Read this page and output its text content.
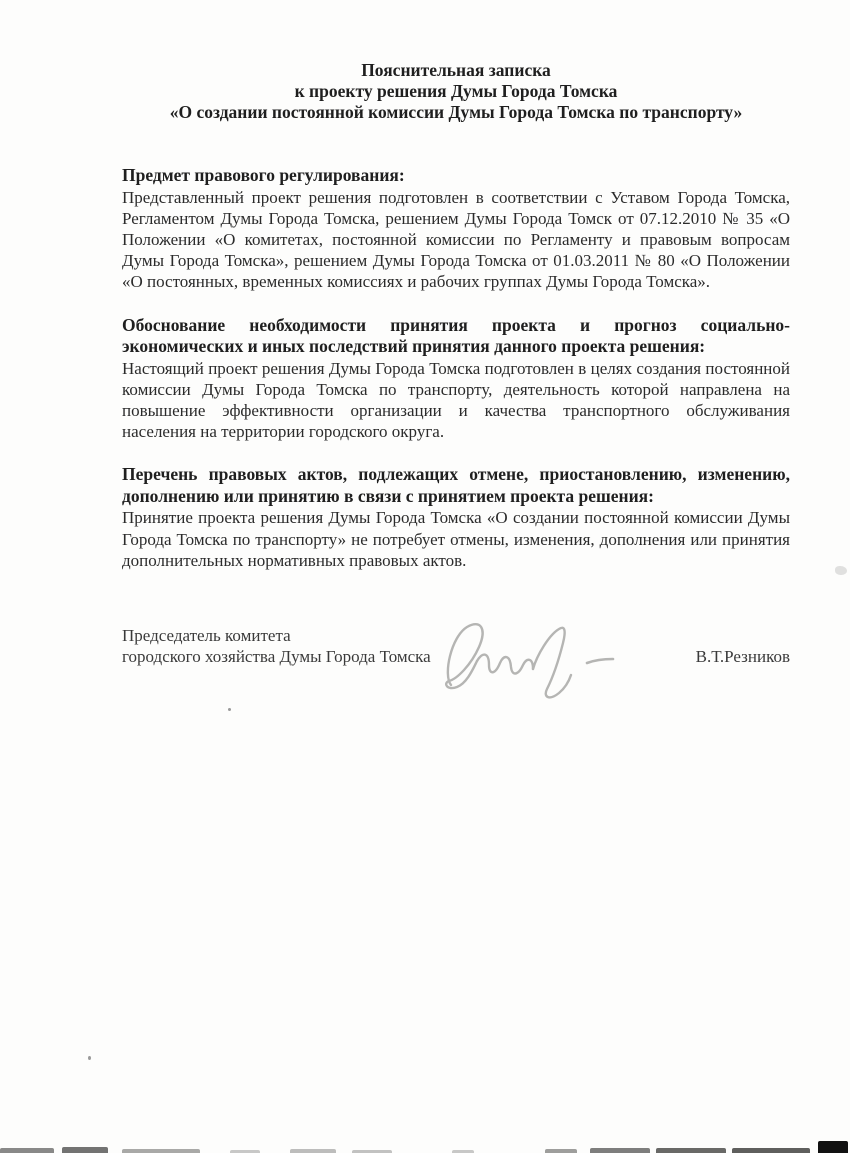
Пояснительная записка
к проекту решения Думы Города Томска
«О создании постоянной комиссии Думы Города Томска по транспорту»
Предмет правового регулирования:

Представленный проект решения подготовлен в соответствии с Уставом Города Томска, Регламентом Думы Города Томска, решением Думы Города Томск от 07.12.2010 № 35 «О Положении «О комитетах, постоянной комиссии по Регламенту и правовым вопросам Думы Города Томска», решением Думы Города Томска от 01.03.2011 № 80 «О Положении «О постоянных, временных комиссиях и рабочих группах Думы Города Томска».

Обоснование необходимости принятия проекта и прогноз социально-экономических и иных последствий принятия данного проекта решения:

Настоящий проект решения Думы Города Томска подготовлен в целях создания постоянной комиссии Думы Города Томска по транспорту, деятельность которой направлена на повышение эффективности организации и качества транспортного обслуживания населения на территории городского округа.

Перечень правовых актов, подлежащих отмене, приостановлению, изменению, дополнению или принятию в связи с принятием проекта решения:

Принятие проекта решения Думы Города Томска «О создании постоянной комиссии Думы Города Томска по транспорту» не потребует отмены, изменения, дополнения или принятия дополнительных нормативных правовых актов.

Председатель комитета
городского хозяйства Думы Города Томска	В.Т.Резников
